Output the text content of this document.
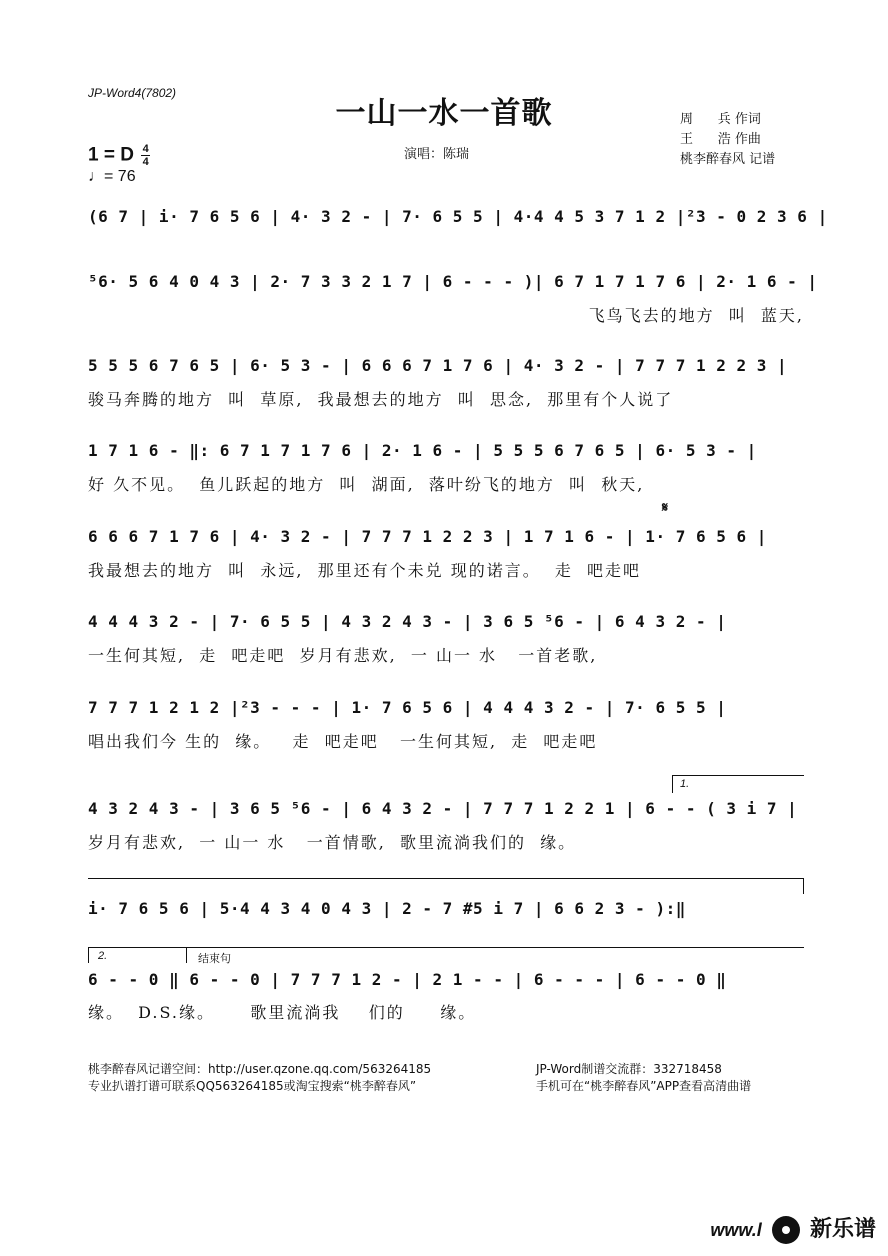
JP-Word4(7802)
一山一水一首歌	周      兵 作词
王      浩 作曲
桃李醉春风 记谱
1 = D $\frac{4}{4}$
♩= 76
演唱：陈瑞
(6 7 | i· 7 6 5 6 | 4· 3 2 - | 7· 6 5 5 | 4·4 4 5 3 7 1 2 |²3 - 0 2 3 6 |
⁵6· 5 6 4 0 4 3 | 2· 7 3 3 2 1 7 | 6 - - - )| 6 7 1 7 1 7 6 | 2· 1 6 - |
飞鸟飞去的地方  叫  蓝天,
5 5 5 6 7 6 5 | 6· 5 3 - | 6 6 6 7 1 7 6 | 4· 3 2 - | 7 7 7 1 2 2 3 |
骏马奔腾的地方  叫  草原,  我最想去的地方  叫  思念,  那里有个人说了
1 7 1 6 - ‖: 6 7 1 7 1 7 6 | 2· 1 6 - | 5 5 5 6 7 6 5 | 6· 5 3 - |
好 久不见。  鱼儿跃起的地方  叫  湖面,  落叶纷飞的地方  叫  秋天,
𝄋
6 6 6 7 1 7 6 | 4· 3 2 - | 7 7 7 1 2 2 3 | 1 7 1 6 - | 1· 7 6 5 6 |
我最想去的地方  叫  永远,  那里还有个未兑 现的诺言。  走  吧走吧
4 4 4 3 2 - | 7· 6 5 5 | 4 3 2 4 3 - | 3 6 5 ⁵6 - | 6 4 3 2 - |
一生何其短,  走  吧走吧  岁月有悲欢,  一 山一 水   一首老歌,
7 7 7 1 2 1 2 |²3 - - - | 1· 7 6 5 6 | 4 4 4 3 2 - | 7· 6 5 5 |
唱出我们今 生的  缘。   走  吧走吧   一生何其短,  走  吧走吧
1.
4 3 2 4 3 - | 3 6 5 ⁵6 - | 6 4 3 2 - | 7 7 7 1 2 2 1 | 6 - - ( 3 i 7 |
岁月有悲欢,  一 山一 水   一首情歌,  歌里流淌我们的  缘。
i· 7 6 5 6 | 5·4 4 3 4 0 4 3 | 2 - 7 #5 i 7 | 6 6 2 3 - ):‖
2.	结束句
6 - - 0 ‖ 6 - - 0 | 7 7 7 1 2 - | 2 1 - - | 6 - - - | 6 - - 0 ‖
缘。  D.S.缘。     歌里流淌我    们的     缘。
桃李醉春风记谱空间：http://user.qzone.qq.com/563264185	JP-Word制谱交流群：332718458
专业扒谱打谱可联系QQ563264185或淘宝搜索“桃李醉春风”	手机可在“桃李醉春风”APP查看高清曲谱
www.l 新乐谱
